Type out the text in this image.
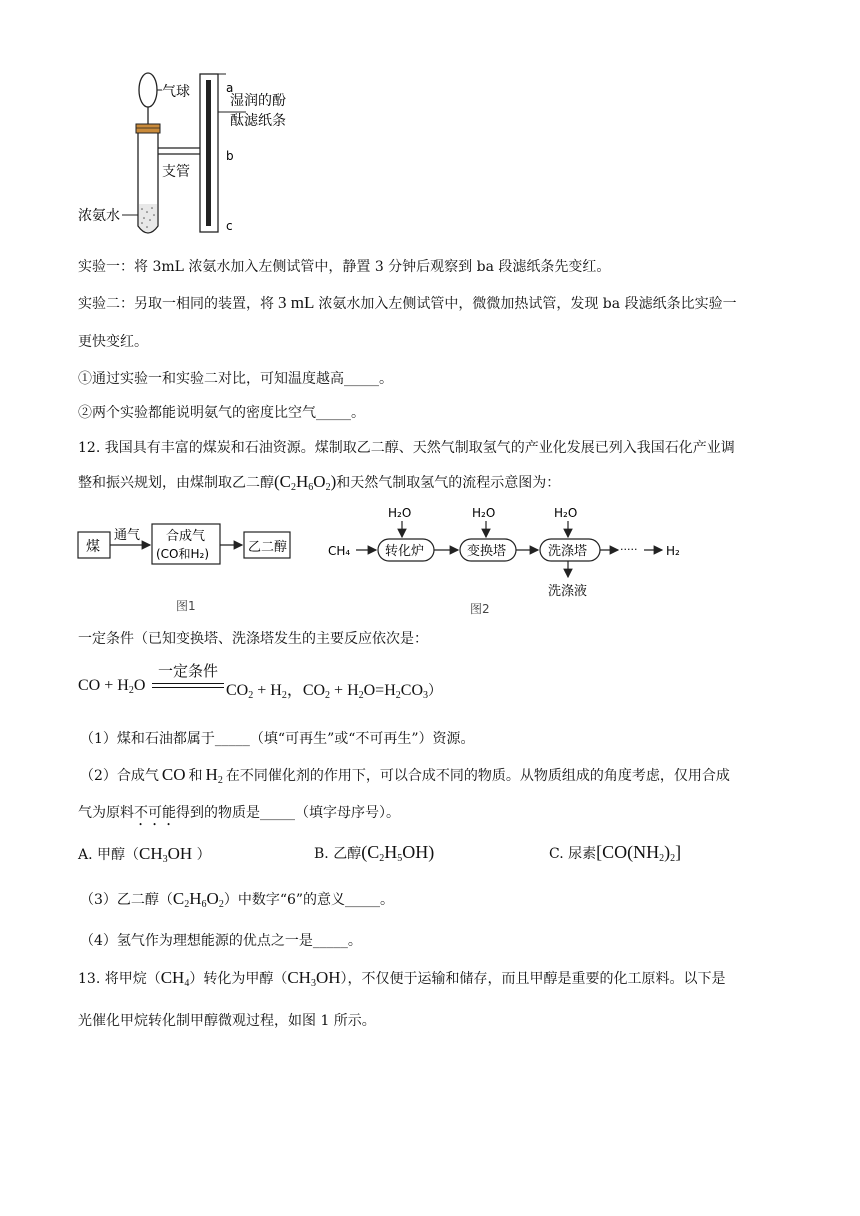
气球
支管
浓氨水
a
b
c
湿润的酚
酞滤纸条
实验一：将 3mL 浓氨水加入左侧试管中，静置 3 分钟后观察到 ba 段滤纸条先变红。
实验二：另取一相同的装置，将 3 mL 浓氨水加入左侧试管中，微微加热试管，发现 ba 段滤纸条比实验一
更快变红。
①通过实验一和实验二对比，可知温度越高_____。
②两个实验都能说明氨气的密度比空气_____。
12. 我国具有丰富的煤炭和石油资源。煤制取乙二醇、天然气制取氢气的产业化发展已列入我国石化产业调
整和振兴规划，由煤制取乙二醇$(C_2H_6O_2)$和天然气制取氢气的流程示意图为：
煤
通气 合成气
(CO和H₂)	乙二醇
图1
CH₄
H₂O
转化炉
H₂O
变换塔
H₂O
洗涤塔	····· H₂
洗涤液
图2
一定条件（已知变换塔、洗涤塔发生的主要反应依次是：
CO + $H_2O$
一定条件
$CO_2 + H_2$，$CO_2 + H_2O=H_2CO_3$）
（1）煤和石油都属于_____（填“可再生”或“不可再生”）资源。
（2）合成气 CO 和 $H_2$ 在不同催化剂的作用下，可以合成不同的物质。从物质组成的角度考虑，仅用合成
气为原料不可能得到的物质是_____（填字母序号）。
A. 甲醇（$CH_3OH$ ）	B. 乙醇$(C_2H_5OH)$	C. 尿素$[CO(NH_2)_2]$
（3）乙二醇$(C_2H_6O_2)$中数字“6”的意义_____。
（4）氢气作为理想能源的优点之一是_____。
13. 将甲烷$(CH_4)$转化为甲醇$(CH_3OH)$，不仅便于运输和储存，而且甲醇是重要的化工原料。以下是
光催化甲烷转化制甲醇微观过程，如图 1 所示。
